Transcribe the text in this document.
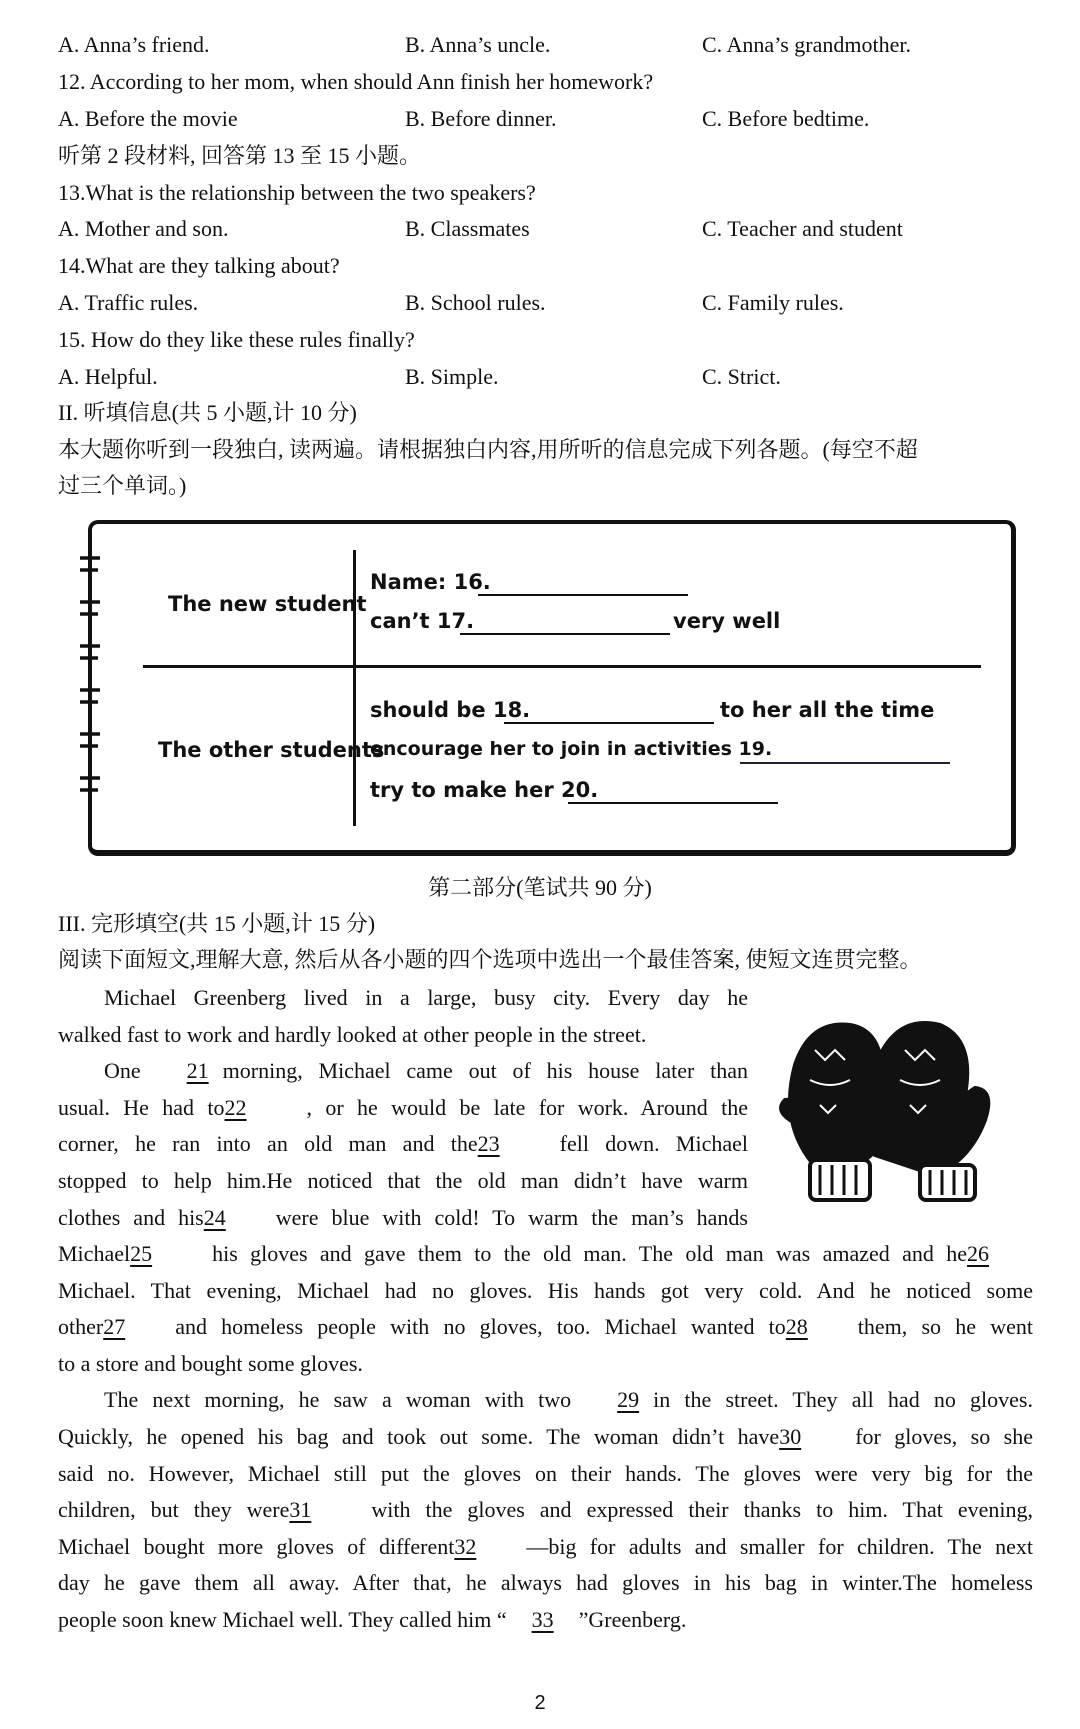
A. Anna’s friend.	B. Anna’s uncle.	C. Anna’s grandmother.
12. According to her mom, when should Ann finish her homework?
A. Before the movie	B. Before dinner.	C. Before bedtime.
听第 2 段材料, 回答第 13 至 15 小题。
13.What is the relationship between the two speakers?
A. Mother and son.	B. Classmates	C. Teacher and student
14.What are they talking about?
A. Traffic rules.	B. School rules.	C. Family rules.
15. How do they like these rules finally?
A. Helpful.	B. Simple.	C. Strict.
II. 听填信息(共 5 小题,计 10 分)
本大题你听到一段独白, 读两遍。请根据独白内容,用所听的信息完成下列各题。(每空不超
过三个单词。)
The new student
Name: 16.
can’t 17.	very well
The other students
should be 18.	to her all the time
encourage her to join in activities 19.
try to make her 20.
第二部分(笔试共 90 分)
III. 完形填空(共 15 小题,计 15 分)
阅读下面短文,理解大意, 然后从各小题的四个选项中选出一个最佳答案, 使短文连贯完整。
Michael Greenberg lived in a large, busy city. Every day he
walked fast to work and hardly looked at other people in the street.
One 21 morning, Michael came out of his house later than
usual. He had to22	, or he would be late for work. Around the
corner, he ran into an old man and the23	fell down. Michael
stopped to help him.He noticed that the old man didn’t have warm
clothes and his24 were blue with cold! To warm the man’s hands
Michael25	his gloves and gave them to the old man. The old man was amazed and he26
Michael. That evening, Michael had no gloves. His hands got very cold. And he noticed some
other27 and homeless people with no gloves, too. Michael wanted to28 them, so he went
to a store and bought some gloves.
The next morning, he saw a woman with two 29 in the street. They all had no gloves.
Quickly, he opened his bag and took out some. The woman didn’t have30 for gloves, so she
said no. However, Michael still put the gloves on their hands. The gloves were very big for the
children, but they were31	with the gloves and expressed their thanks to him. That evening,
Michael bought more gloves of different32 —big for adults and smaller for children. The next
day he gave them all away. After that, he always had gloves in his bag in winter.The homeless
people soon knew Michael well. They called him “ 33 ”Greenberg.
2
